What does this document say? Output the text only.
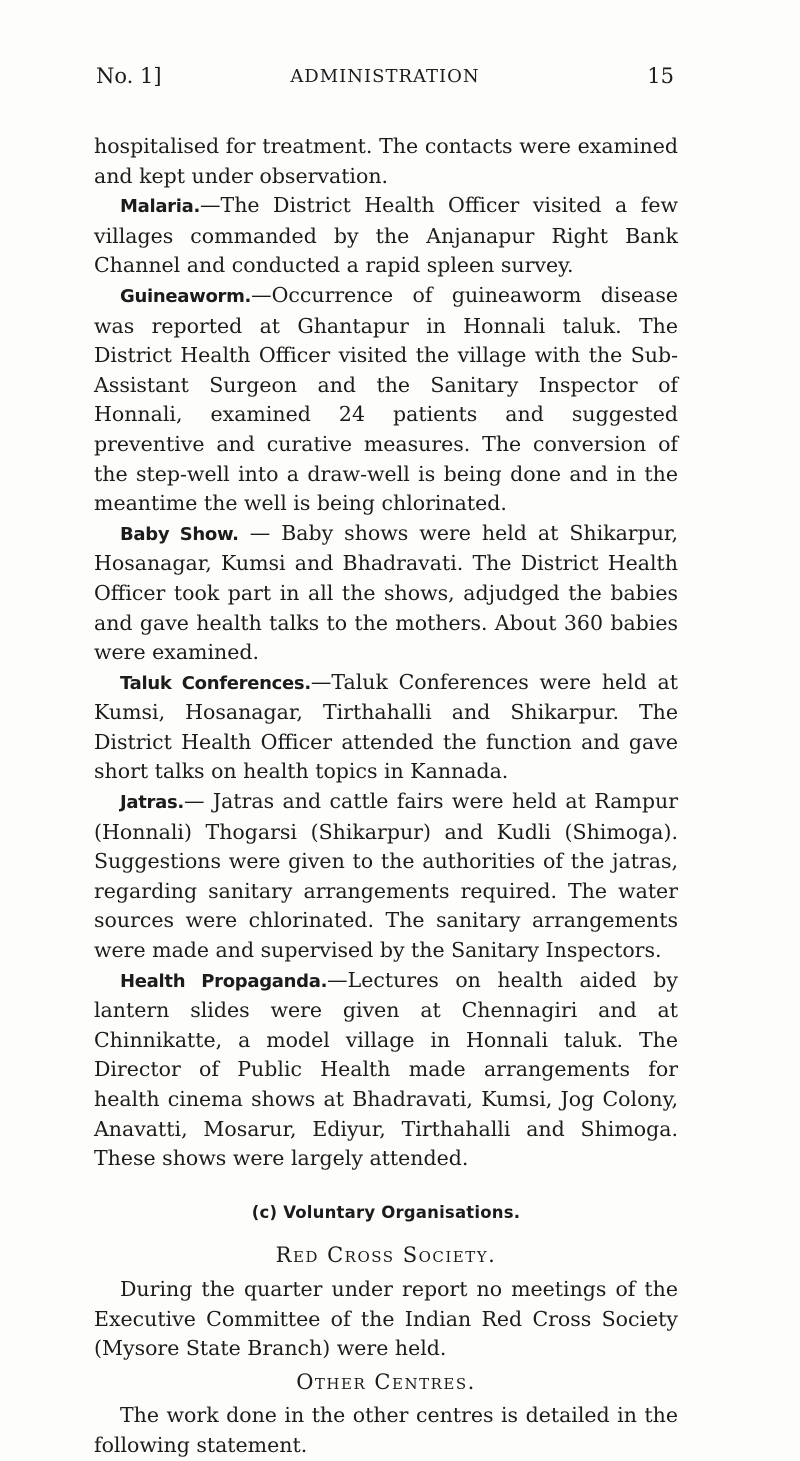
No. 1]	ADMINISTRATION	15

hospitalised for treatment. The contacts were examined and kept under observation.

Malaria.—The District Health Officer visited a few villages commanded by the Anjanapur Right Bank Channel and conducted a rapid spleen survey.

Guineaworm.—Occurrence of guineaworm disease was reported at Ghantapur in Honnali taluk. The District Health Officer visited the village with the Sub-Assistant Surgeon and the Sanitary Inspector of Honnali, examined 24 patients and suggested preventive and curative measures. The conversion of the step-well into a draw-well is being done and in the meantime the well is being chlorinated.

Baby Show. — Baby shows were held at Shikarpur, Hosanagar, Kumsi and Bhadravati. The District Health Officer took part in all the shows, adjudged the babies and gave health talks to the mothers. About 360 babies were examined.

Taluk Conferences.—Taluk Conferences were held at Kumsi, Hosanagar, Tirthahalli and Shikarpur. The District Health Officer attended the function and gave short talks on health topics in Kannada.

Jatras.— Jatras and cattle fairs were held at Rampur (Honnali) Thogarsi (Shikarpur) and Kudli (Shimoga). Suggestions were given to the authorities of the jatras, regarding sanitary arrangements required. The water sources were chlorinated. The sanitary arrangements were made and supervised by the Sanitary Inspectors.

Health Propaganda.—Lectures on health aided by lantern slides were given at Chennagiri and at Chinnikatte, a model village in Honnali taluk. The Director of Public Health made arrangements for health cinema shows at Bhadravati, Kumsi, Jog Colony, Anavatti, Mosarur, Ediyur, Tirthahalli and Shimoga. These shows were largely attended.

(c) Voluntary Organisations.
Red Cross Society.

During the quarter under report no meetings of the Executive Committee of the Indian Red Cross Society (Mysore State Branch) were held.

Other Centres.

The work done in the other centres is detailed in the following statement.
